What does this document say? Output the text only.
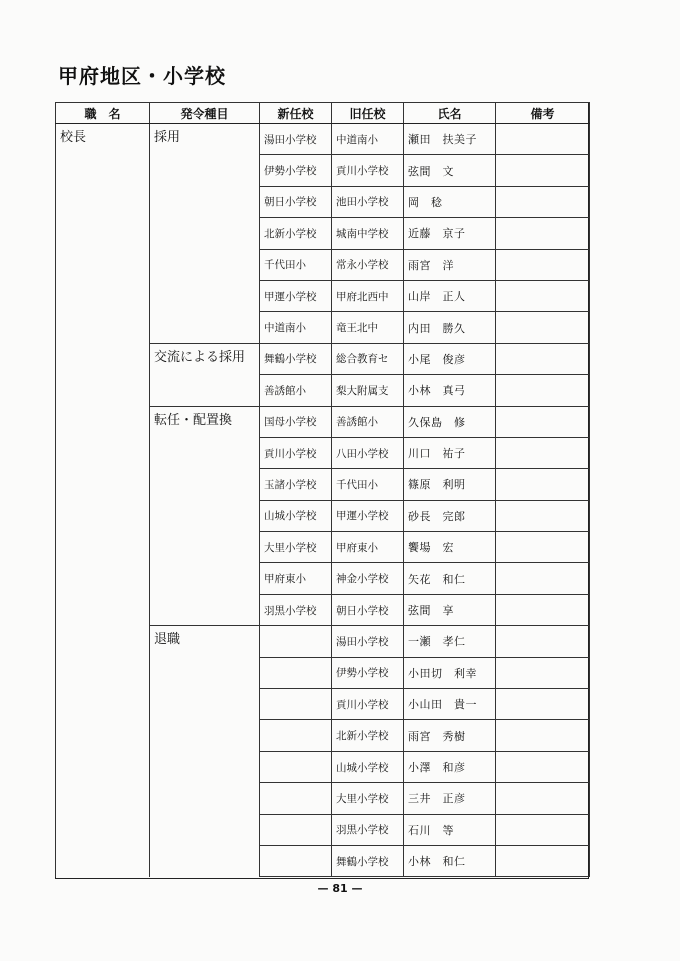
甲府地区・小学校
職　名	発令種目	新任校	旧任校	氏名	備考
校長	採用	湯田小学校	中道南小	瀬田　扶美子	
		伊勢小学校	貢川小学校	弦間　文	
		朝日小学校	池田小学校	岡　稔	
		北新小学校	城南中学校	近藤　京子	
		千代田小	常永小学校	雨宮　洋	
		甲運小学校	甲府北西中	山岸　正人	
		中道南小	竜王北中	内田　勝久	
	交流による採用	舞鶴小学校	総合教育セ	小尾　俊彦	
		善誘館小	梨大附属支	小林　真弓	
	転任・配置換	国母小学校	善誘館小	久保島　修	
		貢川小学校	八田小学校	川口　祐子	
		玉諸小学校	千代田小	篠原　利明	
		山城小学校	甲運小学校	砂長　完郎	
		大里小学校	甲府東小	饗場　宏	
		甲府東小	神金小学校	矢花　和仁	
		羽黒小学校	朝日小学校	弦間　享	
	退職		湯田小学校	一瀬　孝仁	
			伊勢小学校	小田切　利幸	
			貢川小学校	小山田　貴一	
			北新小学校	雨宮　秀樹	
			山城小学校	小澤　和彦	
			大里小学校	三井　正彦	
			羽黒小学校	石川　等	
			舞鶴小学校	小林　和仁	
— 81 —
